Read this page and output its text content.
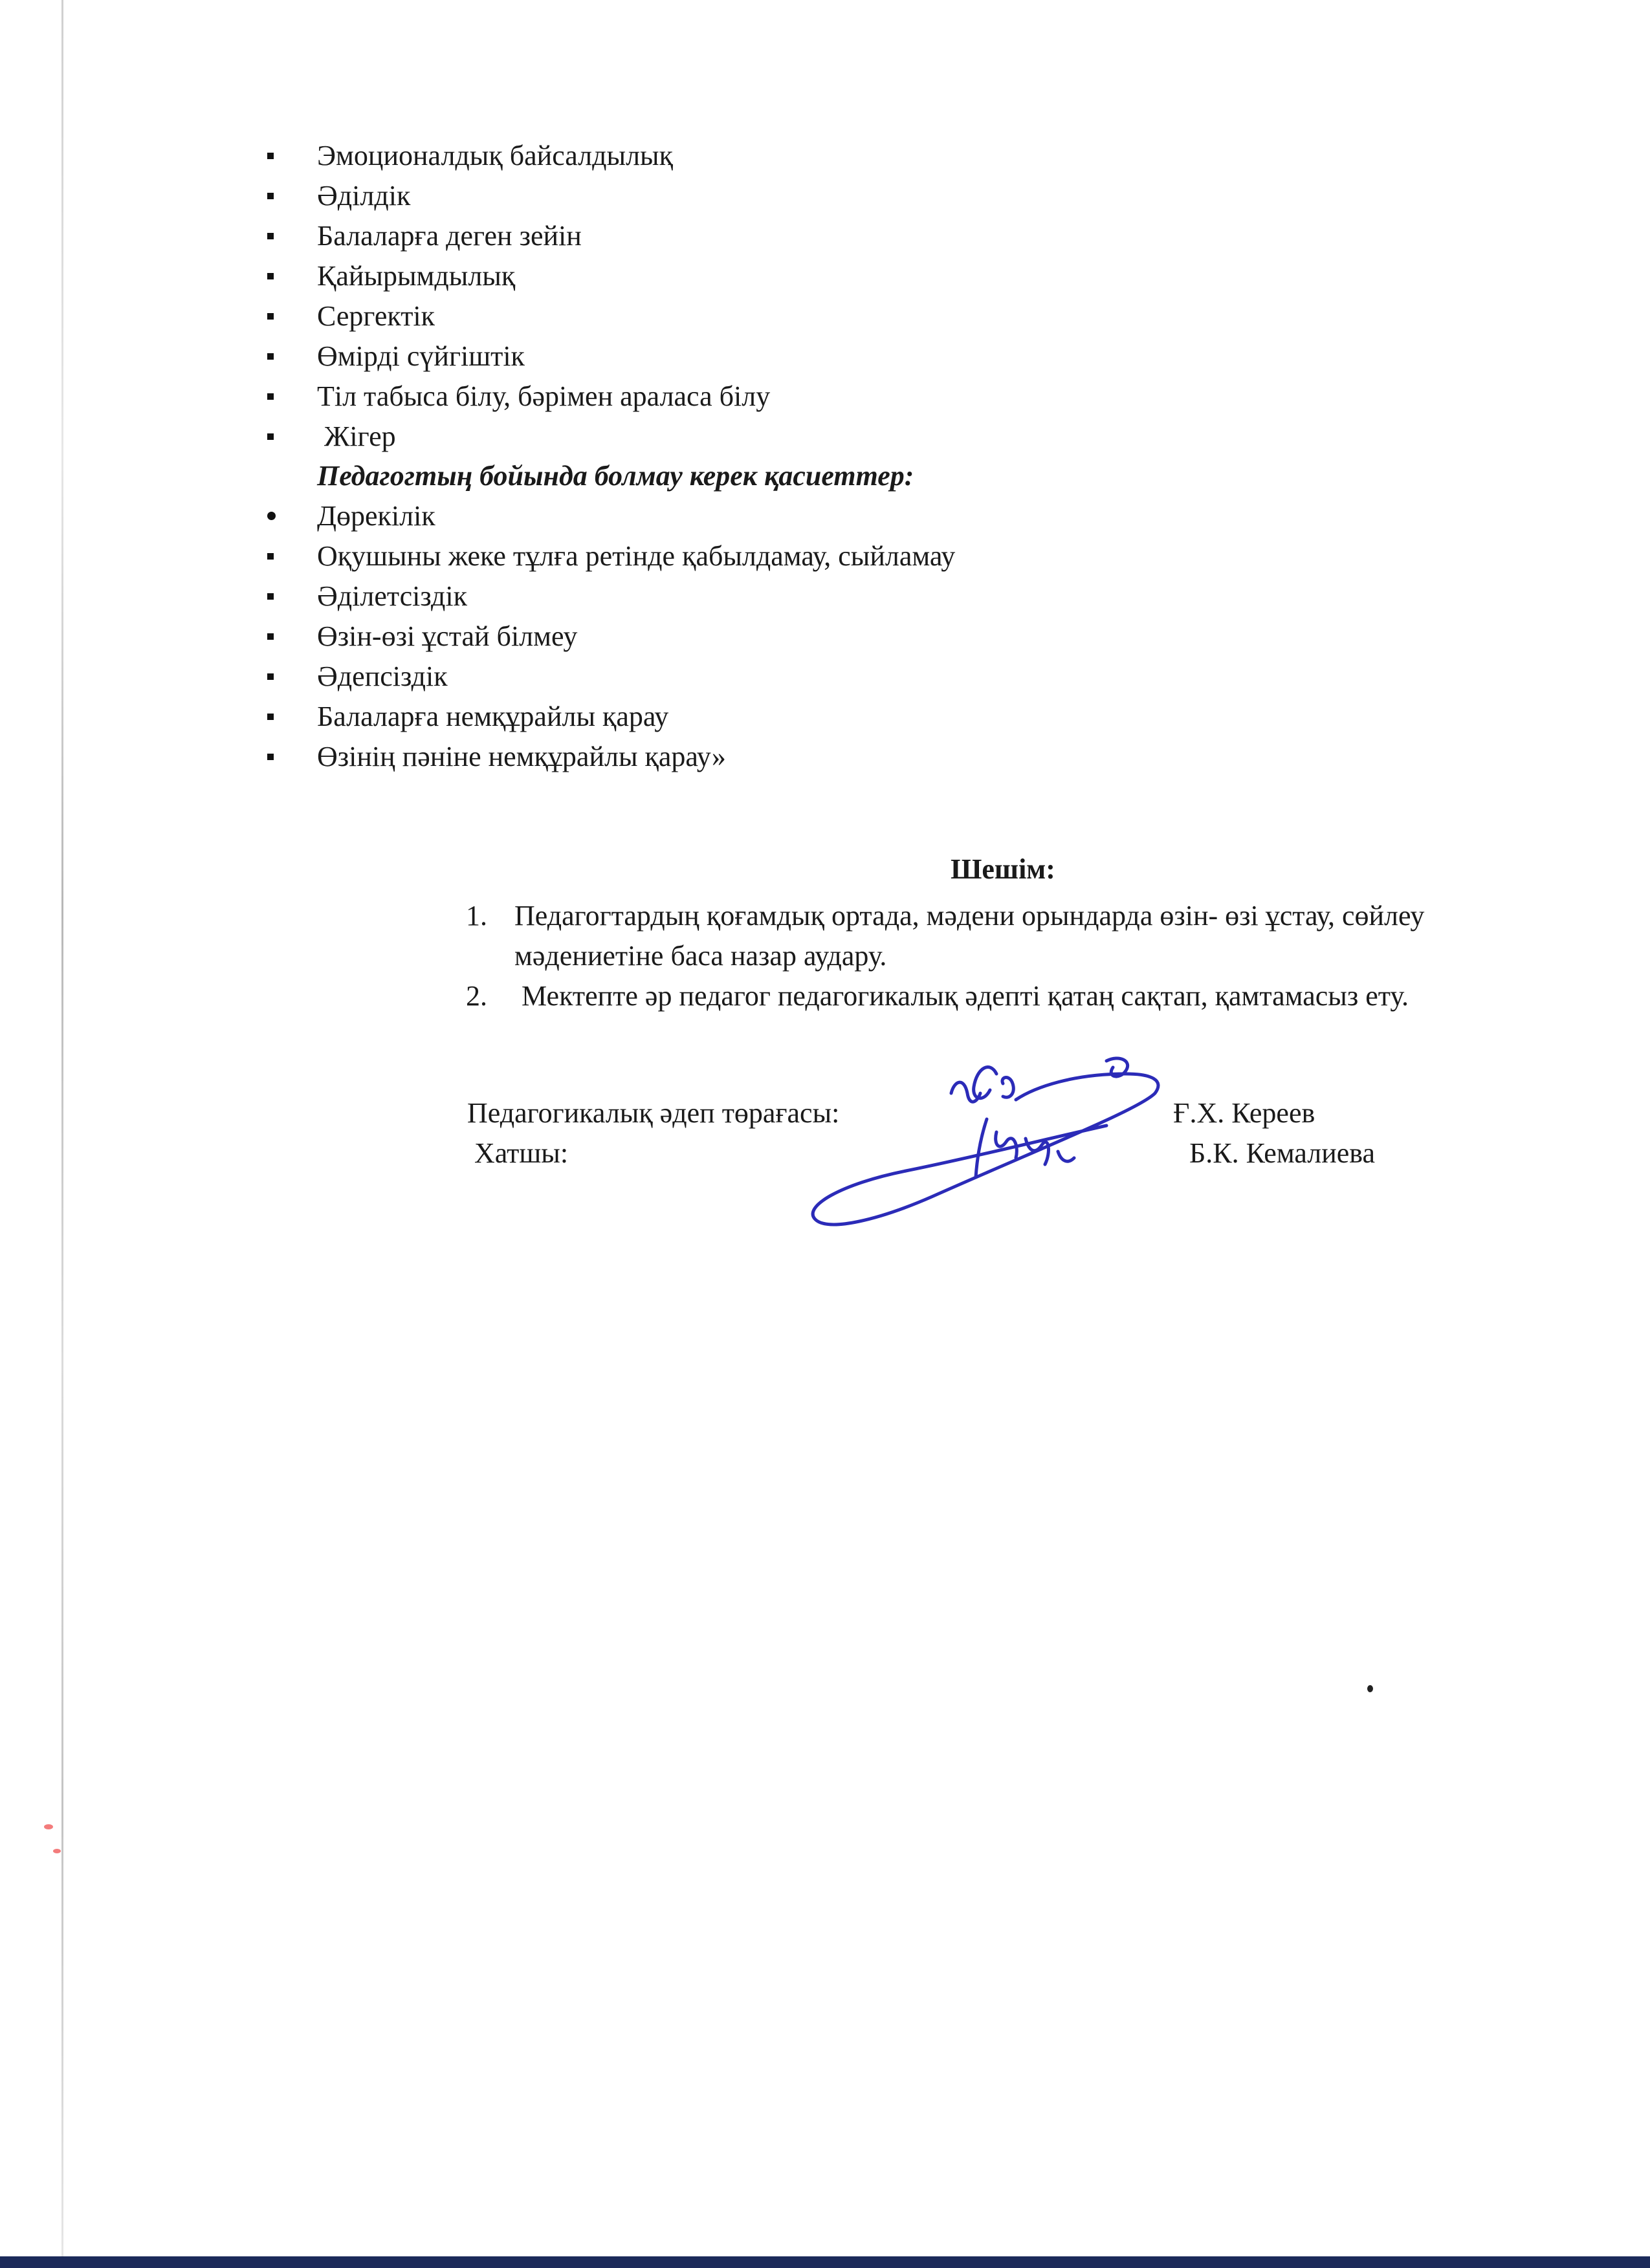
Эмоционалдық байсалдылық
Әділдік
Балаларға деген зейін
Қайырымдылық
Сергектік
Өмірді сүйгіштік
Тіл табыса білу, бәрімен араласа білу
Жігер
Педагогтың бойында болмау керек қасиеттер:
Дөрекілік
Оқушыны жеке тұлға ретінде қабылдамау, сыйламау
Әділетсіздік
Өзін-өзі ұстай білмеу
Әдепсіздік
Балаларға немқұрайлы қарау
Өзінің пәніне немқұрайлы қарау»
Шешім:
1. Педагогтардың қоғамдық ортада, мәдени орындарда өзін- өзі ұстау, сөйлеу мәдениетіне баса назар аудару.
2. Мектепте әр педагог педагогикалық әдепті қатаң сақтап, қамтамасыз ету.
Педагогикалық әдеп төрағасы:	Ғ.Х. Кереев
Хатшы:	Б.К. Кемалиева
